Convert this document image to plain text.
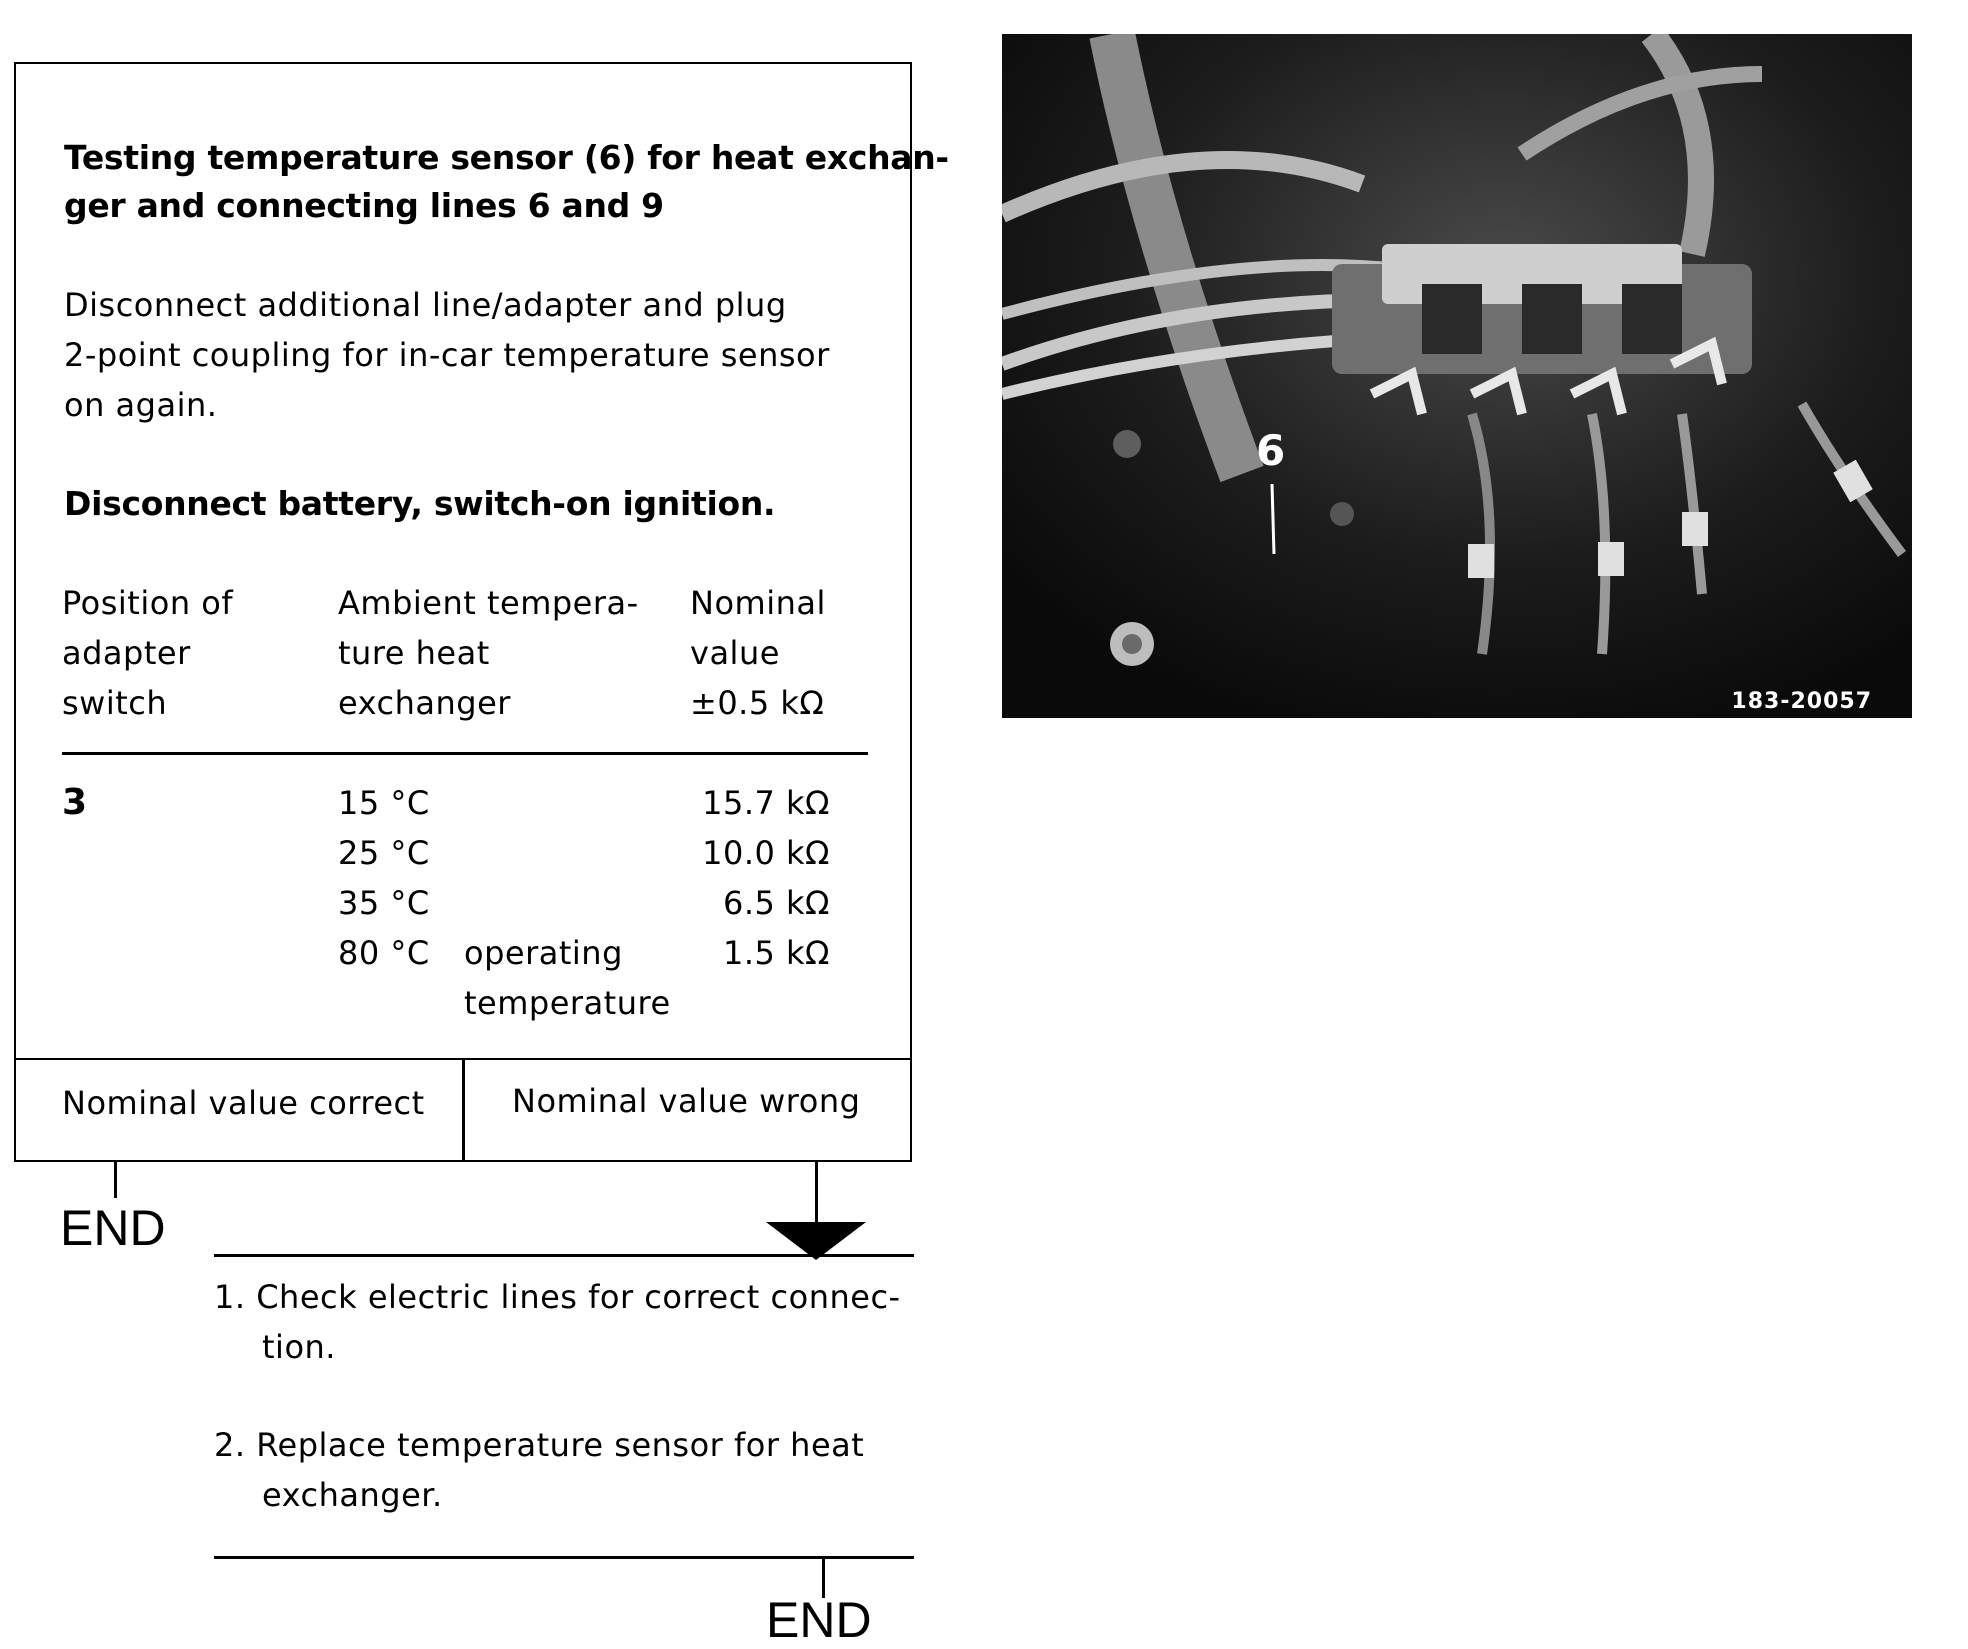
Testing temperature sensor (6) for heat exchan-
ger and connecting lines 6 and 9
Disconnect additional line/adapter and plug
2-point coupling for in-car temperature sensor
on again.
Disconnect battery, switch-on ignition.
Position of
adapter
switch
Ambient tempera-
ture heat
exchanger
Nominal
value
±0.5 kΩ
3	15 °C
25 °C
35 °C
80 °C operating
temperature
15.7 kΩ
10.0 kΩ
6.5 kΩ
1.5 kΩ
Nominal value correct	Nominal value wrong
END
1. Check electric lines for correct connec-
tion.
2. Replace temperature sensor for heat
exchanger.
END
6
183-20057
